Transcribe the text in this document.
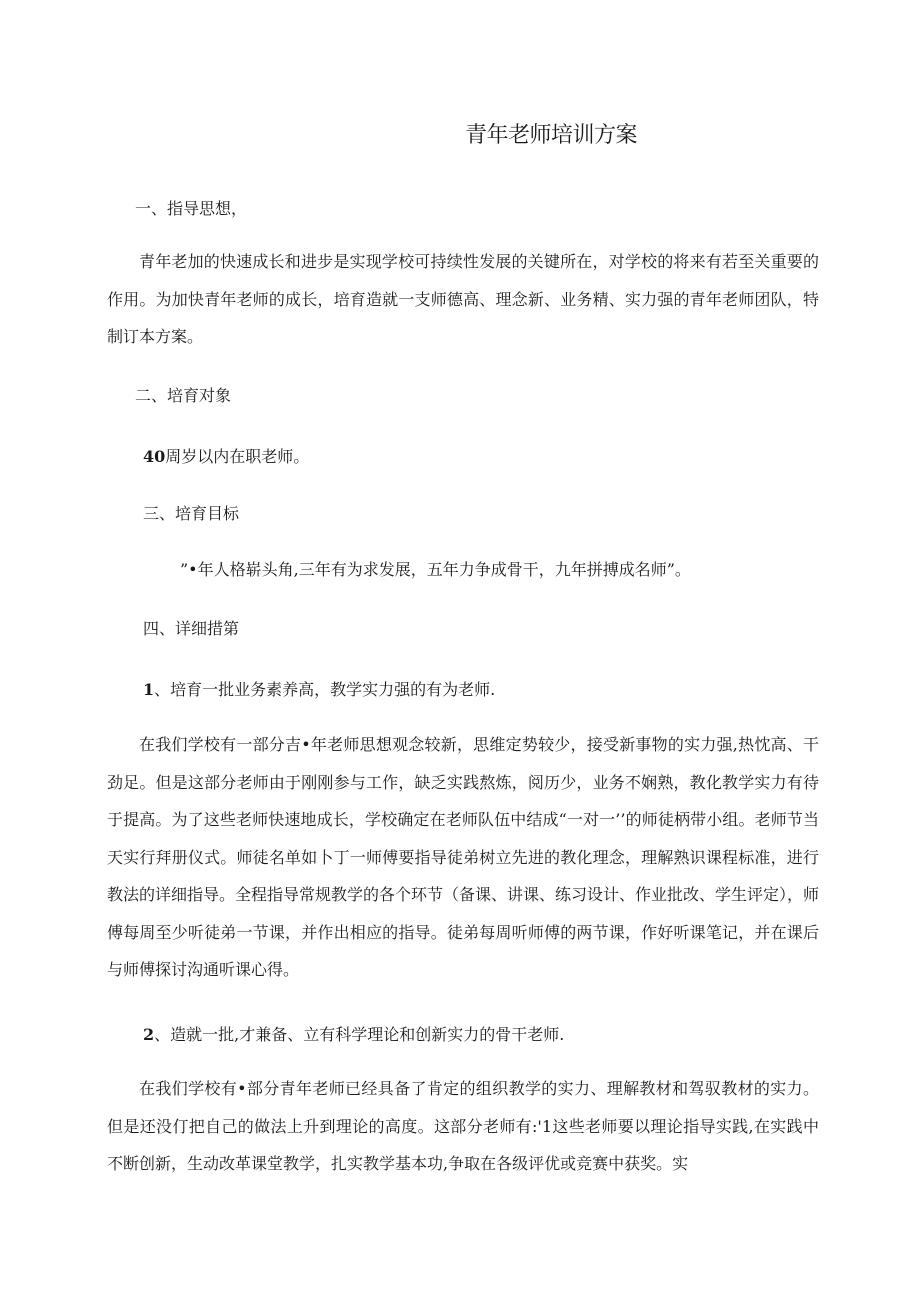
青年老师培训方案
一、指导思想，

青年老加的快速成长和进步是实现学校可持续性发展的关键所在，对学校的将来有若至关重要的作用。为加快青年老师的成长，培育造就一支师德高、理念新、业务精、实力强的青年老师团队，特制订本方案。

二、培育对象
40周岁以内在职老师。
三、培育目标
”•年人格崭头角,三年有为求发展，五年力争成骨干，九年拼搏成名师”。
四、详细措第
1、培育一批业务素养高，教学实力强的有为老师.

在我们学校有一部分吉•年老师思想观念较新，思维定势较少，接受新事物的实力强,热忱高、干劲足。但是这部分老师由于刚刚参与工作，缺乏实践熬炼，阅历少，业务不娴熟，教化教学实力有待于提高。为了这些老师快速地成长，学校确定在老师队伍中结成“一对一’’的师徒柄带小组。老师节当天实行拜册仪式。师徒名单如卜丁一师傅要指导徒弟树立先进的教化理念，理解熟识课程标准，进行教法的详细指导。全程指导常规教学的各个环节（备课、讲课、练习设计、作业批改、学生评定），师傅每周至少听徒弟一节课，并作出相应的指导。徒弟每周听师傅的两节课，作好听课笔记，并在课后与师傅探讨沟通听课心得。

2、造就一批,才兼备、立有科学理论和创新实力的骨干老师.

在我们学校有•部分青年老师已经具备了肯定的组织教学的实力、理解教材和驾驭教材的实力。但是还没仃把自己的做法上升到理论的高度。这部分老师有:'1这些老师要以理论指导实践,在实践中不断创新，生动改革课堂教学，扎实教学基本功,争取在各级评优或竞赛中获奖。实
